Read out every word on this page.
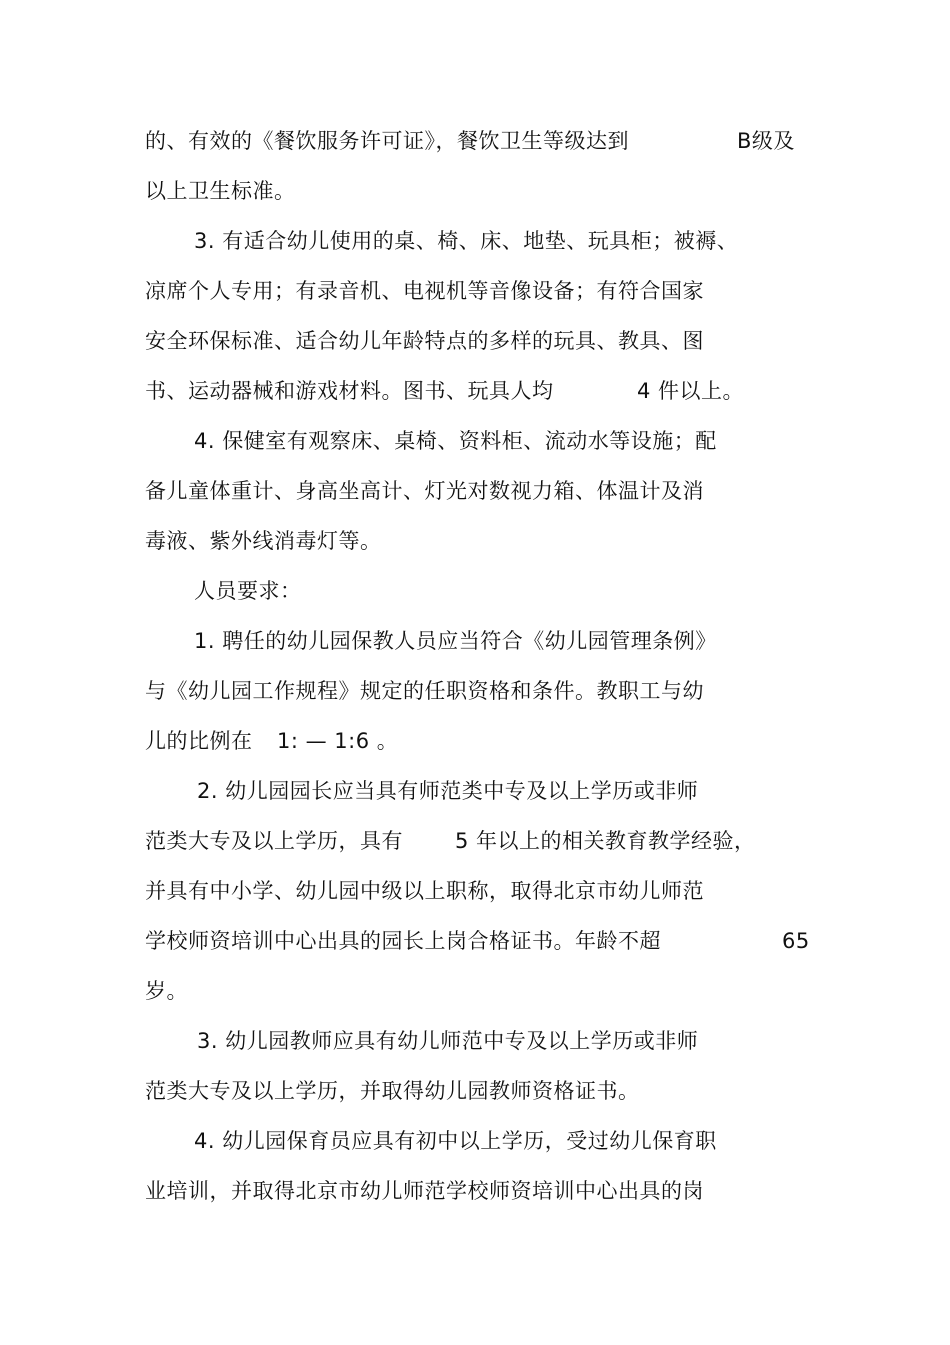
的、有效的《餐饮服务许可证》，餐饮卫生等级达到	B级及
以上卫生标准。
3. 有适合幼儿使用的桌、椅、床、地垫、玩具柜；被褥、
凉席个人专用；有录音机、电视机等音像设备；有符合国家
安全环保标准、适合幼儿年龄特点的多样的玩具、教具、图
书、运动器械和游戏材料。图书、玩具人均	4 件以上。
4. 保健室有观察床、桌椅、资料柜、流动水等设施；配
备儿童体重计、身高坐高计、灯光对数视力箱、体温计及消
毒液、紫外线消毒灯等。
人员要求：
1. 聘任的幼儿园保教人员应当符合《幼儿园管理条例》
与《幼儿园工作规程》规定的任职资格和条件。教职工与幼
儿的比例在 1: — 1:6 。
2. 幼儿园园长应当具有师范类中专及以上学历或非师
范类大专及以上学历，具有 5 年以上的相关教育教学经验，
并具有中小学、幼儿园中级以上职称，取得北京市幼儿师范
学校师资培训中心出具的园长上岗合格证书。年龄不超	65
岁。
3. 幼儿园教师应具有幼儿师范中专及以上学历或非师
范类大专及以上学历，并取得幼儿园教师资格证书。
4. 幼儿园保育员应具有初中以上学历，受过幼儿保育职
业培训，并取得北京市幼儿师范学校师资培训中心出具的岗
